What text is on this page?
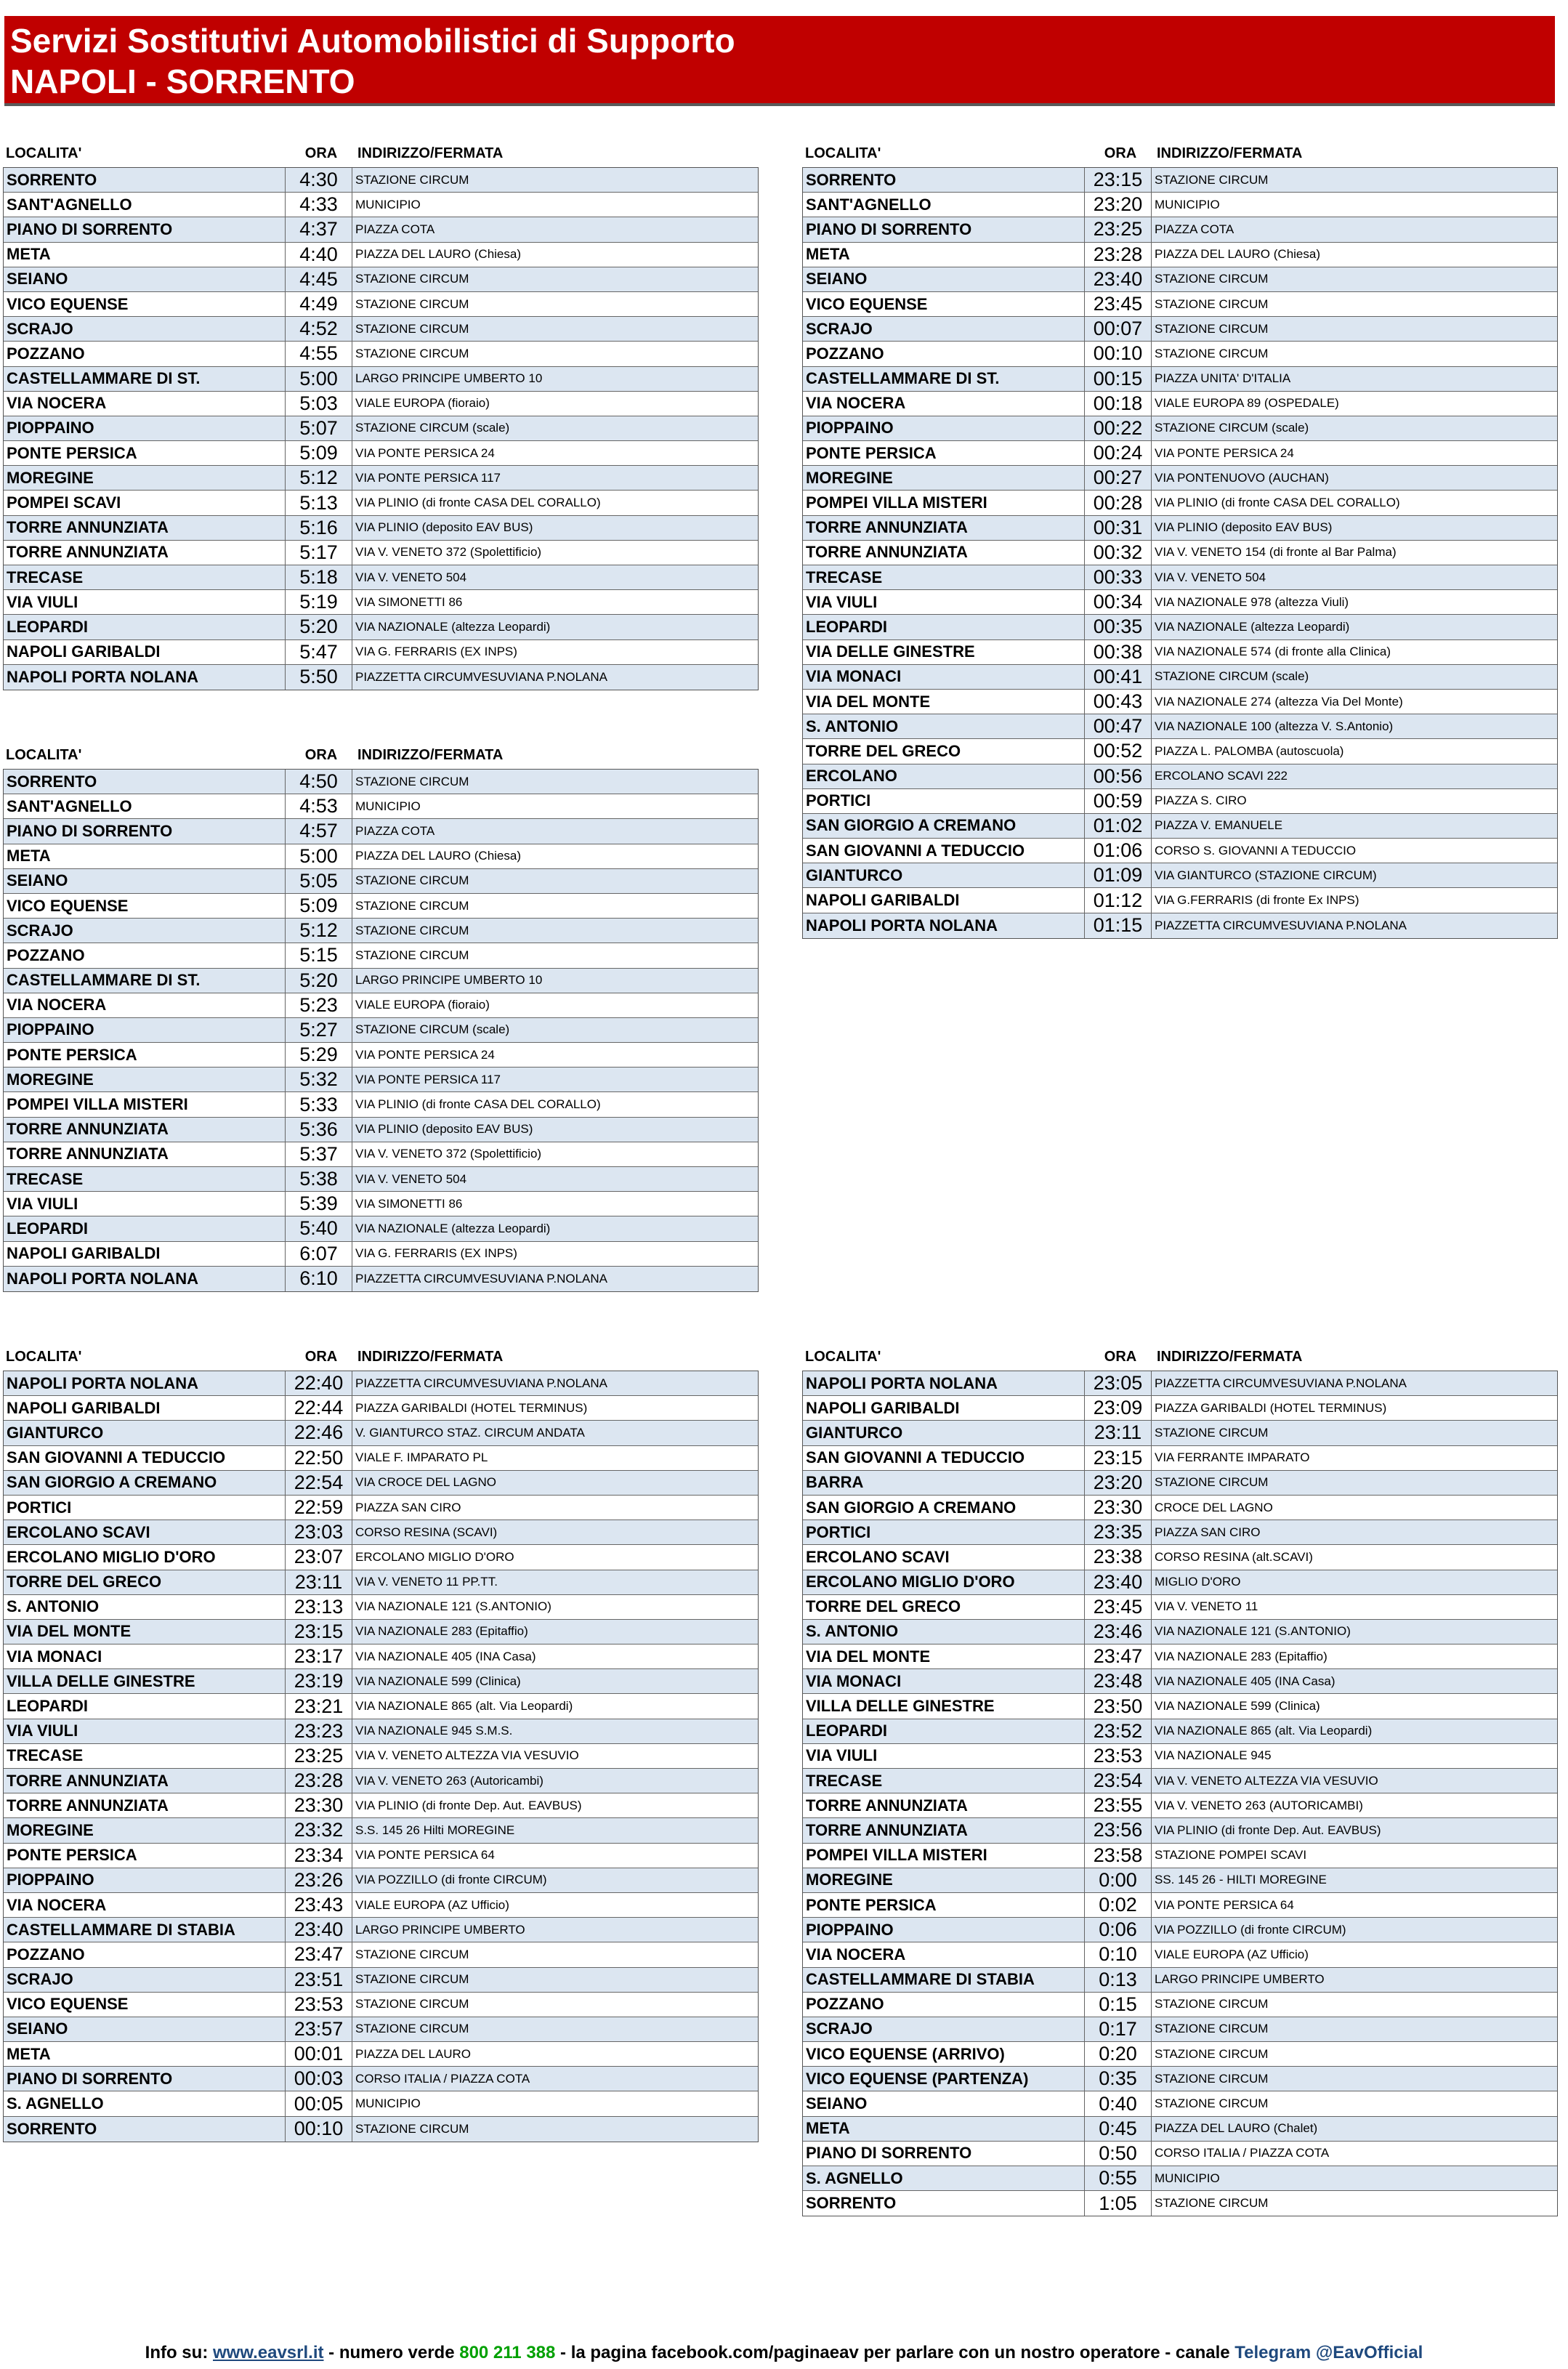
Servizi Sostitutivi Automobilistici di Supporto
NAPOLI - SORRENTO
LOCALITA'	ORA	INDIRIZZO/FERMATA
SORRENTO	4:30	STAZIONE CIRCUM
SANT'AGNELLO	4:33	MUNICIPIO
PIANO DI SORRENTO	4:37	PIAZZA COTA
META	4:40	PIAZZA DEL LAURO (Chiesa)
SEIANO	4:45	STAZIONE CIRCUM
VICO EQUENSE	4:49	STAZIONE CIRCUM
SCRAJO	4:52	STAZIONE CIRCUM
POZZANO	4:55	STAZIONE CIRCUM
CASTELLAMMARE DI ST.	5:00	LARGO PRINCIPE UMBERTO 10
VIA NOCERA	5:03	VIALE EUROPA (fioraio)
PIOPPAINO	5:07	STAZIONE CIRCUM (scale)
PONTE PERSICA	5:09	VIA PONTE PERSICA 24
MOREGINE	5:12	VIA PONTE PERSICA 117
POMPEI SCAVI	5:13	VIA PLINIO (di fronte CASA DEL CORALLO)
TORRE ANNUNZIATA	5:16	VIA PLINIO (deposito EAV BUS)
TORRE ANNUNZIATA	5:17	VIA V. VENETO 372 (Spolettificio)
TRECASE	5:18	VIA V. VENETO 504
VIA VIULI	5:19	VIA SIMONETTI 86
LEOPARDI	5:20	VIA NAZIONALE (altezza Leopardi)
NAPOLI GARIBALDI	5:47	VIA G. FERRARIS (EX INPS)
NAPOLI PORTA NOLANA	5:50	PIAZZETTA CIRCUMVESUVIANA P.NOLANA
LOCALITA'	ORA	INDIRIZZO/FERMATA
SORRENTO	4:50	STAZIONE CIRCUM
SANT'AGNELLO	4:53	MUNICIPIO
PIANO DI SORRENTO	4:57	PIAZZA COTA
META	5:00	PIAZZA DEL LAURO (Chiesa)
SEIANO	5:05	STAZIONE CIRCUM
VICO EQUENSE	5:09	STAZIONE CIRCUM
SCRAJO	5:12	STAZIONE CIRCUM
POZZANO	5:15	STAZIONE CIRCUM
CASTELLAMMARE DI ST.	5:20	LARGO PRINCIPE UMBERTO 10
VIA NOCERA	5:23	VIALE EUROPA (fioraio)
PIOPPAINO	5:27	STAZIONE CIRCUM (scale)
PONTE PERSICA	5:29	VIA PONTE PERSICA 24
MOREGINE	5:32	VIA PONTE PERSICA 117
POMPEI VILLA MISTERI	5:33	VIA PLINIO (di fronte CASA DEL CORALLO)
TORRE ANNUNZIATA	5:36	VIA PLINIO (deposito EAV BUS)
TORRE ANNUNZIATA	5:37	VIA V. VENETO 372 (Spolettificio)
TRECASE	5:38	VIA V. VENETO 504
VIA VIULI	5:39	VIA SIMONETTI 86
LEOPARDI	5:40	VIA NAZIONALE (altezza Leopardi)
NAPOLI GARIBALDI	6:07	VIA G. FERRARIS (EX INPS)
NAPOLI PORTA NOLANA	6:10	PIAZZETTA CIRCUMVESUVIANA P.NOLANA
LOCALITA'	ORA	INDIRIZZO/FERMATA
SORRENTO	23:15 STAZIONE CIRCUM
SANT'AGNELLO	23:20 MUNICIPIO
PIANO DI SORRENTO	23:25 PIAZZA COTA
META	23:28 PIAZZA DEL LAURO (Chiesa)
SEIANO	23:40 STAZIONE CIRCUM
VICO EQUENSE	23:45 STAZIONE CIRCUM
SCRAJO	00:07 STAZIONE CIRCUM
POZZANO	00:10 STAZIONE CIRCUM
CASTELLAMMARE DI ST.	00:15 PIAZZA UNITA' D'ITALIA
VIA NOCERA	00:18 VIALE EUROPA 89 (OSPEDALE)
PIOPPAINO	00:22 STAZIONE CIRCUM (scale)
PONTE PERSICA	00:24 VIA PONTE PERSICA 24
MOREGINE	00:27 VIA PONTENUOVO (AUCHAN)
POMPEI VILLA MISTERI	00:28 VIA PLINIO (di fronte CASA DEL CORALLO)
TORRE ANNUNZIATA	00:31 VIA PLINIO (deposito EAV BUS)
TORRE ANNUNZIATA	00:32 VIA V. VENETO 154 (di fronte al Bar Palma)
TRECASE	00:33 VIA V. VENETO 504
VIA VIULI	00:34 VIA NAZIONALE 978 (altezza Viuli)
LEOPARDI	00:35 VIA NAZIONALE (altezza Leopardi)
VIA DELLE GINESTRE	00:38 VIA NAZIONALE 574 (di fronte alla Clinica)
VIA MONACI	00:41 STAZIONE CIRCUM (scale)
VIA DEL MONTE	00:43 VIA NAZIONALE 274 (altezza Via Del Monte)
S. ANTONIO	00:47 VIA NAZIONALE 100 (altezza V. S.Antonio)
TORRE DEL GRECO	00:52 PIAZZA L. PALOMBA (autoscuola)
ERCOLANO	00:56 ERCOLANO SCAVI 222
PORTICI	00:59 PIAZZA S. CIRO
SAN GIORGIO A CREMANO	01:02 PIAZZA V. EMANUELE
SAN GIOVANNI A TEDUCCIO	01:06 CORSO S. GIOVANNI A TEDUCCIO
GIANTURCO	01:09 VIA GIANTURCO (STAZIONE CIRCUM)
NAPOLI GARIBALDI	01:12 VIA G.FERRARIS (di fronte Ex INPS)
NAPOLI PORTA NOLANA	01:15 PIAZZETTA CIRCUMVESUVIANA P.NOLANA
LOCALITA'	ORA	INDIRIZZO/FERMATA
NAPOLI PORTA NOLANA	22:40 PIAZZETTA CIRCUMVESUVIANA P.NOLANA
NAPOLI GARIBALDI	22:44 PIAZZA GARIBALDI (HOTEL TERMINUS)
GIANTURCO	22:46 V. GIANTURCO STAZ. CIRCUM ANDATA
SAN GIOVANNI A TEDUCCIO	22:50 VIALE F. IMPARATO PL
SAN GIORGIO A CREMANO	22:54 VIA CROCE DEL LAGNO
PORTICI	22:59 PIAZZA SAN CIRO
ERCOLANO SCAVI	23:03 CORSO RESINA (SCAVI)
ERCOLANO MIGLIO D'ORO	23:07 ERCOLANO MIGLIO D'ORO
TORRE DEL GRECO	23:11	VIA V. VENETO 11 PP.TT.
S. ANTONIO	23:13 VIA NAZIONALE 121 (S.ANTONIO)
VIA DEL MONTE	23:15 VIA NAZIONALE 283 (Epitaffio)
VIA MONACI	23:17 VIA NAZIONALE 405 (INA Casa)
VILLA DELLE GINESTRE	23:19 VIA NAZIONALE 599 (Clinica)
LEOPARDI	23:21 VIA NAZIONALE 865 (alt. Via Leopardi)
VIA VIULI	23:23 VIA NAZIONALE 945 S.M.S.
TRECASE	23:25 VIA V. VENETO ALTEZZA VIA VESUVIO
TORRE ANNUNZIATA	23:28 VIA V. VENETO 263 (Autoricambi)
TORRE ANNUNZIATA	23:30 VIA PLINIO (di fronte Dep. Aut. EAVBUS)
MOREGINE	23:32 S.S. 145 26 Hilti MOREGINE
PONTE PERSICA	23:34 VIA PONTE PERSICA 64
PIOPPAINO	23:26 VIA POZZILLO (di fronte CIRCUM)
VIA NOCERA	23:43 VIALE EUROPA (AZ Ufficio)
CASTELLAMMARE DI STABIA	23:40 LARGO PRINCIPE UMBERTO
POZZANO	23:47 STAZIONE CIRCUM
SCRAJO	23:51 STAZIONE CIRCUM
VICO EQUENSE	23:53 STAZIONE CIRCUM
SEIANO	23:57 STAZIONE CIRCUM
META	00:01 PIAZZA DEL LAURO
PIANO DI SORRENTO	00:03 CORSO ITALIA / PIAZZA COTA
S. AGNELLO	00:05 MUNICIPIO
SORRENTO	00:10 STAZIONE CIRCUM
LOCALITA'	ORA	INDIRIZZO/FERMATA
NAPOLI PORTA NOLANA	23:05 PIAZZETTA CIRCUMVESUVIANA P.NOLANA
NAPOLI GARIBALDI	23:09 PIAZZA GARIBALDI (HOTEL TERMINUS)
GIANTURCO	23:11	STAZIONE CIRCUM
SAN GIOVANNI A TEDUCCIO	23:15 VIA FERRANTE IMPARATO
BARRA	23:20 STAZIONE CIRCUM
SAN GIORGIO A CREMANO	23:30 CROCE DEL LAGNO
PORTICI	23:35 PIAZZA SAN CIRO
ERCOLANO SCAVI	23:38 CORSO RESINA (alt.SCAVI)
ERCOLANO MIGLIO D'ORO	23:40 MIGLIO D'ORO
TORRE DEL GRECO	23:45 VIA V. VENETO 11
S. ANTONIO	23:46 VIA NAZIONALE 121 (S.ANTONIO)
VIA DEL MONTE	23:47 VIA NAZIONALE 283 (Epitaffio)
VIA MONACI	23:48 VIA NAZIONALE 405 (INA Casa)
VILLA DELLE GINESTRE	23:50 VIA NAZIONALE 599 (Clinica)
LEOPARDI	23:52 VIA NAZIONALE 865 (alt. Via Leopardi)
VIA VIULI	23:53 VIA NAZIONALE 945
TRECASE	23:54 VIA V. VENETO ALTEZZA VIA VESUVIO
TORRE ANNUNZIATA	23:55 VIA V. VENETO 263 (AUTORICAMBI)
TORRE ANNUNZIATA	23:56 VIA PLINIO (di fronte Dep. Aut. EAVBUS)
POMPEI VILLA MISTERI	23:58 STAZIONE POMPEI SCAVI
MOREGINE	0:00	SS. 145 26 - HILTI MOREGINE
PONTE PERSICA	0:02	VIA PONTE PERSICA 64
PIOPPAINO	0:06	VIA POZZILLO (di fronte CIRCUM)
VIA NOCERA	0:10	VIALE EUROPA (AZ Ufficio)
CASTELLAMMARE DI STABIA	0:13	LARGO PRINCIPE UMBERTO
POZZANO	0:15	STAZIONE CIRCUM
SCRAJO	0:17	STAZIONE CIRCUM
VICO EQUENSE (ARRIVO)	0:20	STAZIONE CIRCUM
VICO EQUENSE (PARTENZA)	0:35	STAZIONE CIRCUM
SEIANO	0:40	STAZIONE CIRCUM
META	0:45	PIAZZA DEL LAURO (Chalet)
PIANO DI SORRENTO	0:50	CORSO ITALIA / PIAZZA COTA
S. AGNELLO	0:55	MUNICIPIO
SORRENTO	1:05	STAZIONE CIRCUM
Info su: www.eavsrl.it - numero verde 800 211 388 - la pagina facebook.com/paginaeav per parlare con un nostro operatore - canale Telegram @EavOfficial
